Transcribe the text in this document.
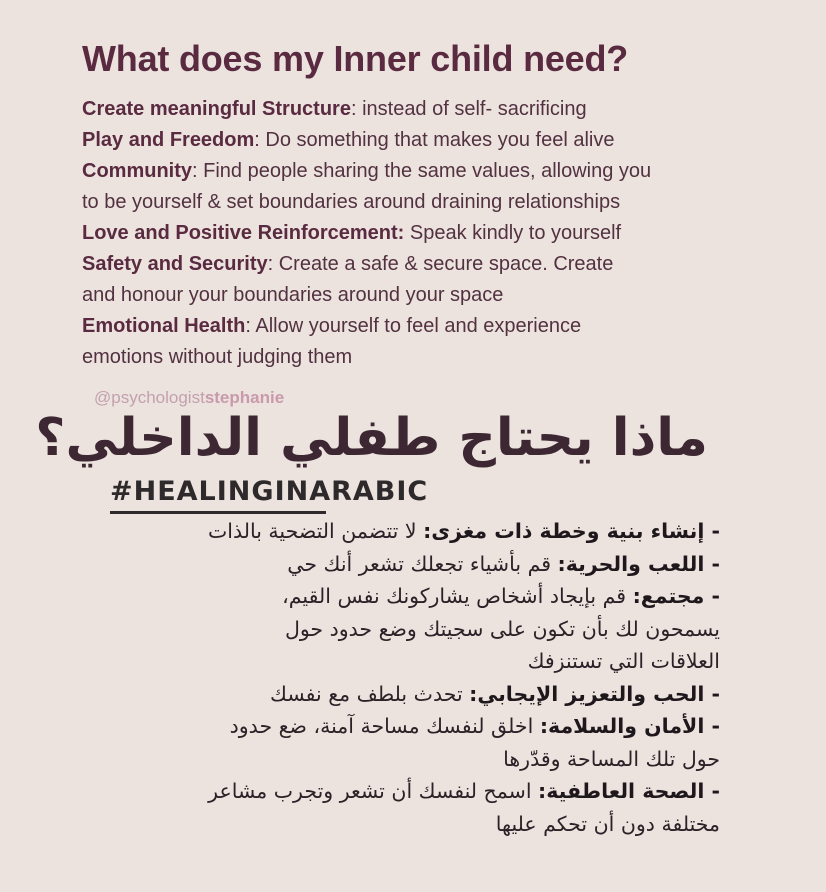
What does my Inner child need?
Create meaningful Structure: instead of self- sacrificing
Play and Freedom: Do something that makes you feel alive
Community: Find people sharing the same values, allowing you
to be yourself & set boundaries around draining relationships
Love and Positive Reinforcement: Speak kindly to yourself
Safety and Security: Create a safe & secure space. Create
and honour your boundaries around your space
Emotional Health: Allow yourself to feel and experience
emotions without judging them
@psychologiststephanie
ماذا يحتاج طفلي الداخلي؟
#HEALINGINARABIC
- إنشاء بنية وخطة ذات مغزى: لا تتضمن التضحية بالذات
- اللعب والحرية: قم بأشياء تجعلك تشعر أنك حي
- مجتمع: قم بإيجاد أشخاص يشاركونك نفس القيم،
يسمحون لك بأن تكون على سجيتك وضع حدود حول
العلاقات التي تستنزفك
- الحب والتعزيز الإيجابي: تحدث بلطف مع نفسك
- الأمان والسلامة: اخلق لنفسك مساحة آمنة، ضع حدود
حول تلك المساحة وقدّرها
- الصحة العاطفية: اسمح لنفسك أن تشعر وتجرب مشاعر
مختلفة دون أن تحكم عليها
